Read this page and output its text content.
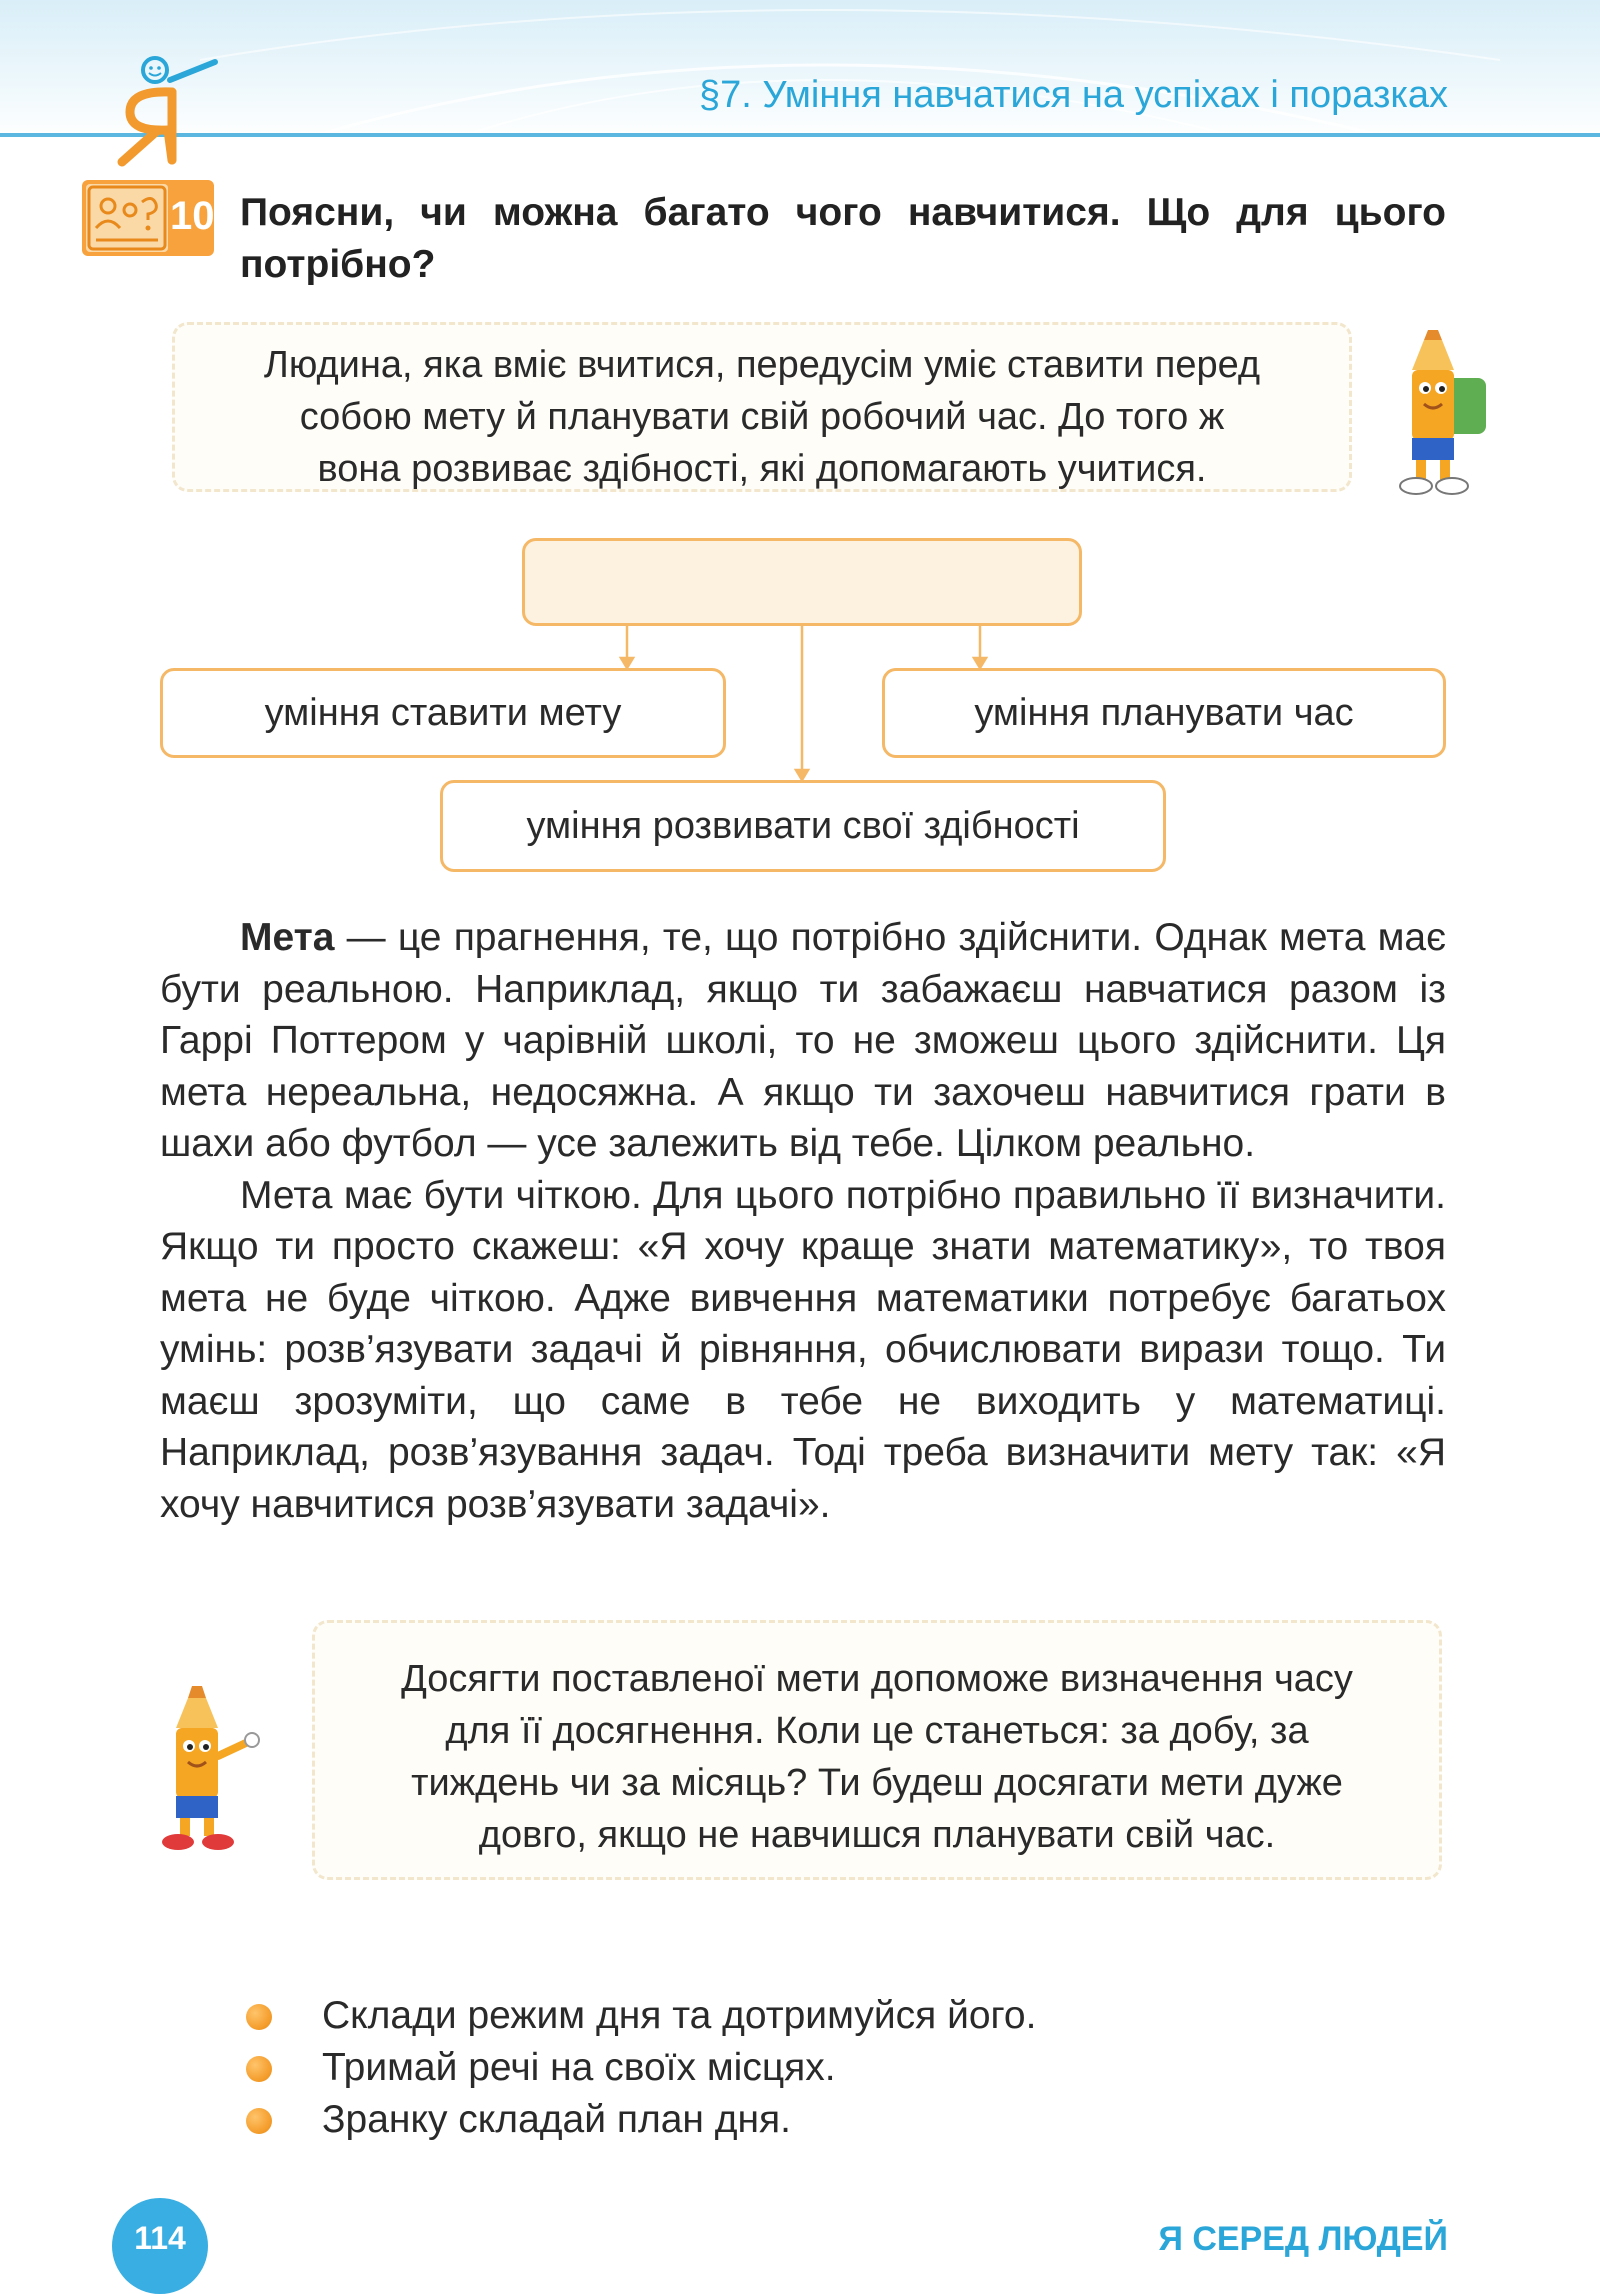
§7. Уміння навчатися на успіхах і поразках
10 Поясни, чи можна багато чого навчитися. Що для цього потрібно?
Людина, яка вміє вчитися, передусім уміє ставити перед
собою мету й планувати свій робочий час. До того ж
вона розвиває здібності, які допомагають учитися.
уміння ставити мету	уміння планувати час
уміння розвивати свої здібності

Мета — це прагнення, те, що потрібно здійснити. Однак мета має бути реальною. Наприклад, якщо ти забажаєш навчатися разом із Гаррі Поттером у чарівній школі, то не зможеш цього здійснити. Ця мета нереальна, недосяжна. А якщо ти захочеш навчитися грати в шахи або футбол — усе залежить від тебе. Цілком реально.

Мета має бути чіткою. Для цього потрібно правильно її визначити. Якщо ти просто скажеш: «Я хочу краще знати математику», то твоя мета не буде чіткою. Адже вивчення математики потребує багатьох умінь: розв’язувати задачі й рівняння, обчислювати вирази тощо. Ти маєш зрозуміти, що саме в тебе не виходить у математиці. Наприклад, розв’язування задач. Тоді треба визначити мету так: «Я хочу навчитися розв’язувати задачі».

Досягти поставленої мети допоможе визначення часу
для її досягнення. Коли це станеться: за добу, за
тиждень чи за місяць? Ти будеш досягати мети дуже
довго, якщо не навчишся планувати свій час.
Склади режим дня та дотримуйся його.
Тримай речі на своїх місцях.
Зранку складай план дня.
114	Я СЕРЕД ЛЮДЕЙ
